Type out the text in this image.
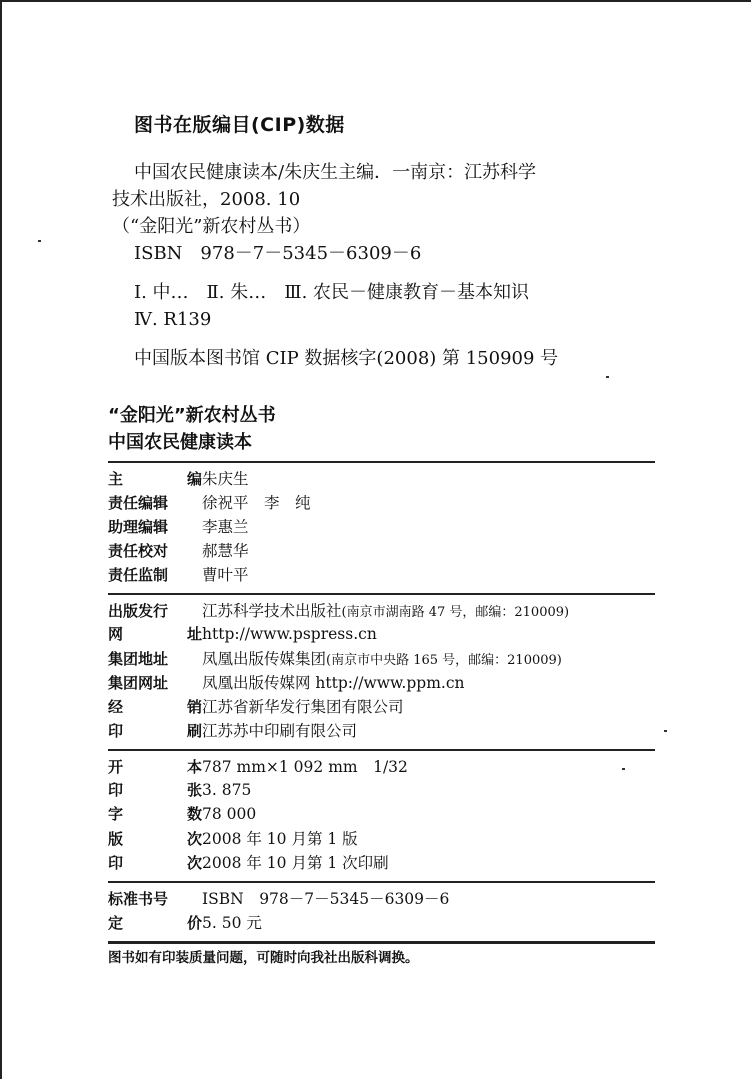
图书在版编目(CIP)数据
中国农民健康读本/朱庆生主编．一南京：江苏科学
技术出版社，2008. 10
（“金阳光”新农村丛书）
ISBN　978－7－5345－6309－6
Ⅰ. 中…　Ⅱ. 朱…　Ⅲ. 农民－健康教育－基本知识
Ⅳ. R139
中国版本图书馆 CIP 数据核字(2008) 第 150909 号
“金阳光”新农村丛书
中国农民健康读本
主	编 朱庆生
责任编辑 徐祝平　李　纯
助理编辑 李惠兰
责任校对 郝慧华
责任监制 曹叶平
出版发行	江苏科学技术出版社(南京市湖南路 47 号，邮编：210009)
网	址 http://www.pspress.cn
集团地址	凤凰出版传媒集团(南京市中央路 165 号，邮编：210009)
集团网址	凤凰出版传媒网 http://www.ppm.cn
经	销 江苏省新华发行集团有限公司
印	刷 江苏苏中印刷有限公司
开	本 787 mm×1 092 mm　1/32
印	张 3. 875
字	数 78 000
版	次 2008 年 10 月第 1 版
印	次 2008 年 10 月第 1 次印刷
标准书号	ISBN　978－7－5345－6309－6
定	价 5. 50 元
图书如有印装质量问题，可随时向我社出版科调换。
